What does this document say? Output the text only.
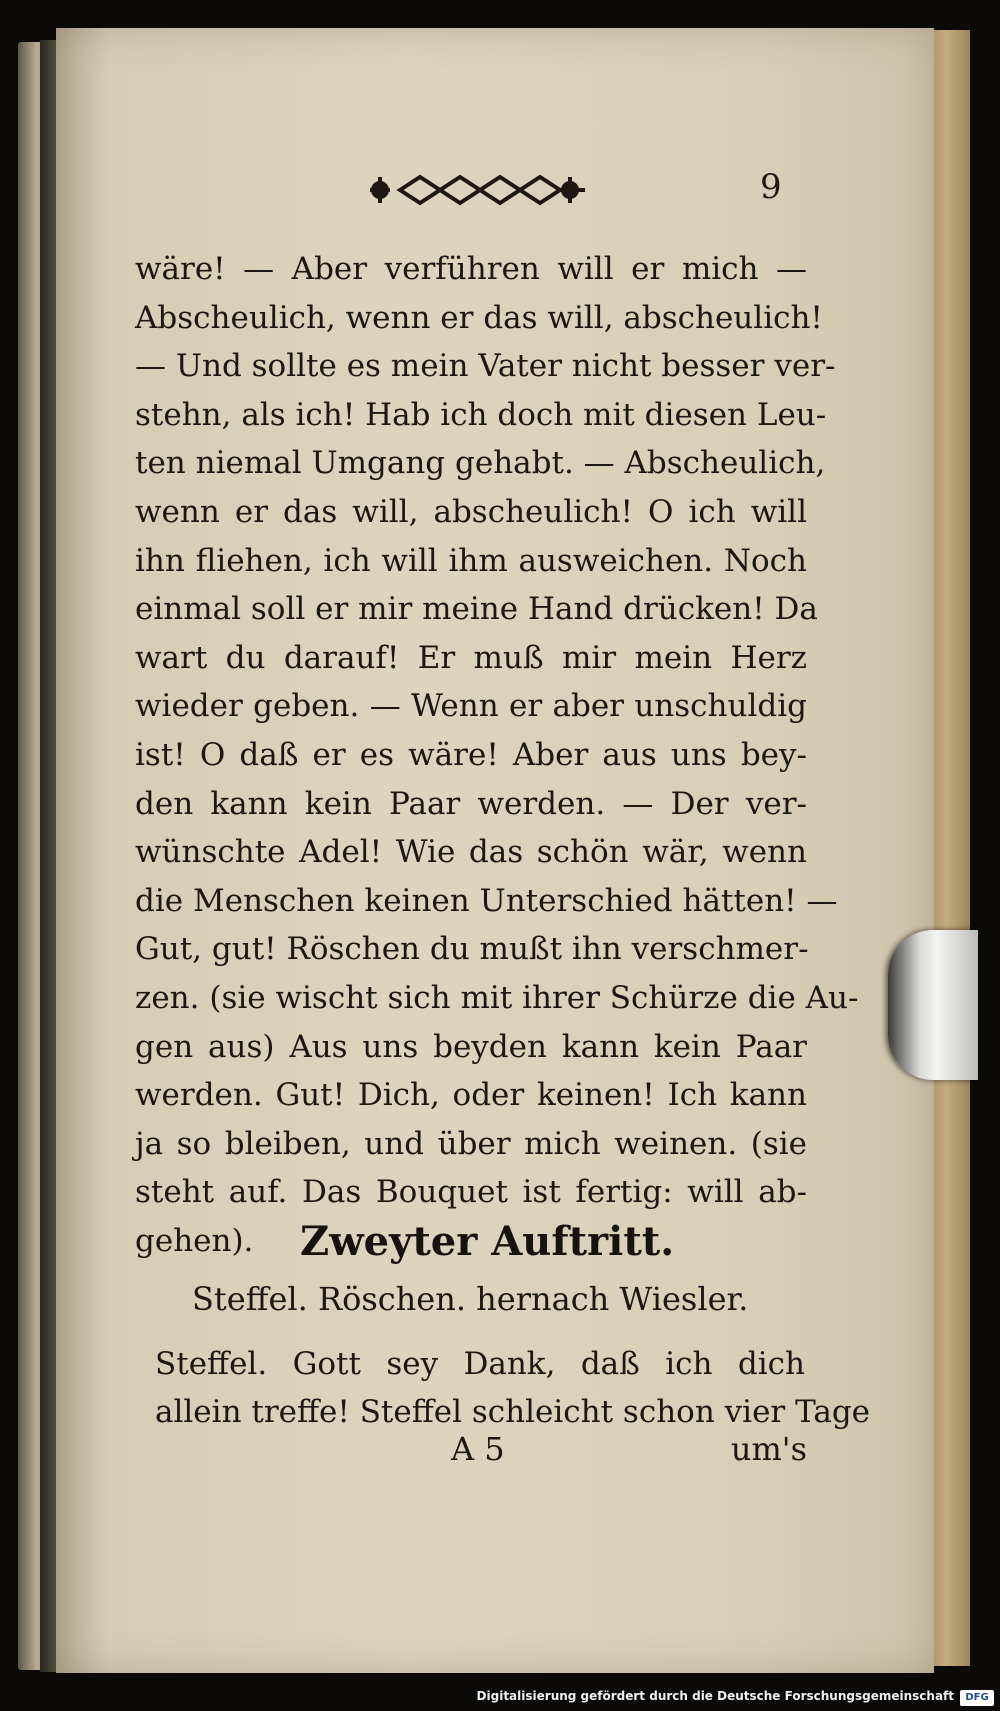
9
wäre! — Aber verführen will er mich —
Abscheulich, wenn er das will, abscheulich!
— Und sollte es mein Vater nicht besser ver-
stehn, als ich! Hab ich doch mit diesen Leu-
ten niemal Umgang gehabt. — Abscheulich,
wenn er das will, abscheulich! O ich will
ihn fliehen, ich will ihm ausweichen. Noch
einmal soll er mir meine Hand drücken! Da
wart du darauf! Er muß mir mein Herz
wieder geben. — Wenn er aber unschuldig
ist! O daß er es wäre! Aber aus uns bey-
den kann kein Paar werden. — Der ver-
wünschte Adel! Wie das schön wär, wenn
die Menschen keinen Unterschied hätten! —
Gut, gut! Röschen du mußt ihn verschmer-
zen. (sie wischt sich mit ihrer Schürze die Au-
gen aus) Aus uns beyden kann kein Paar
werden. Gut! Dich, oder keinen! Ich kann
ja so bleiben, und über mich weinen. (sie
steht auf. Das Bouquet ist fertig: will ab-
gehen).	Zweyter Auftritt.
Steffel. Röschen. hernach Wiesler.
Steffel. Gott sey Dank, daß ich dich
allein treffe! Steffel schleicht schon vier Tage
A 5	um's
Digitalisierung gefördert durch die Deutsche Forschungsgemeinschaft	DFG
